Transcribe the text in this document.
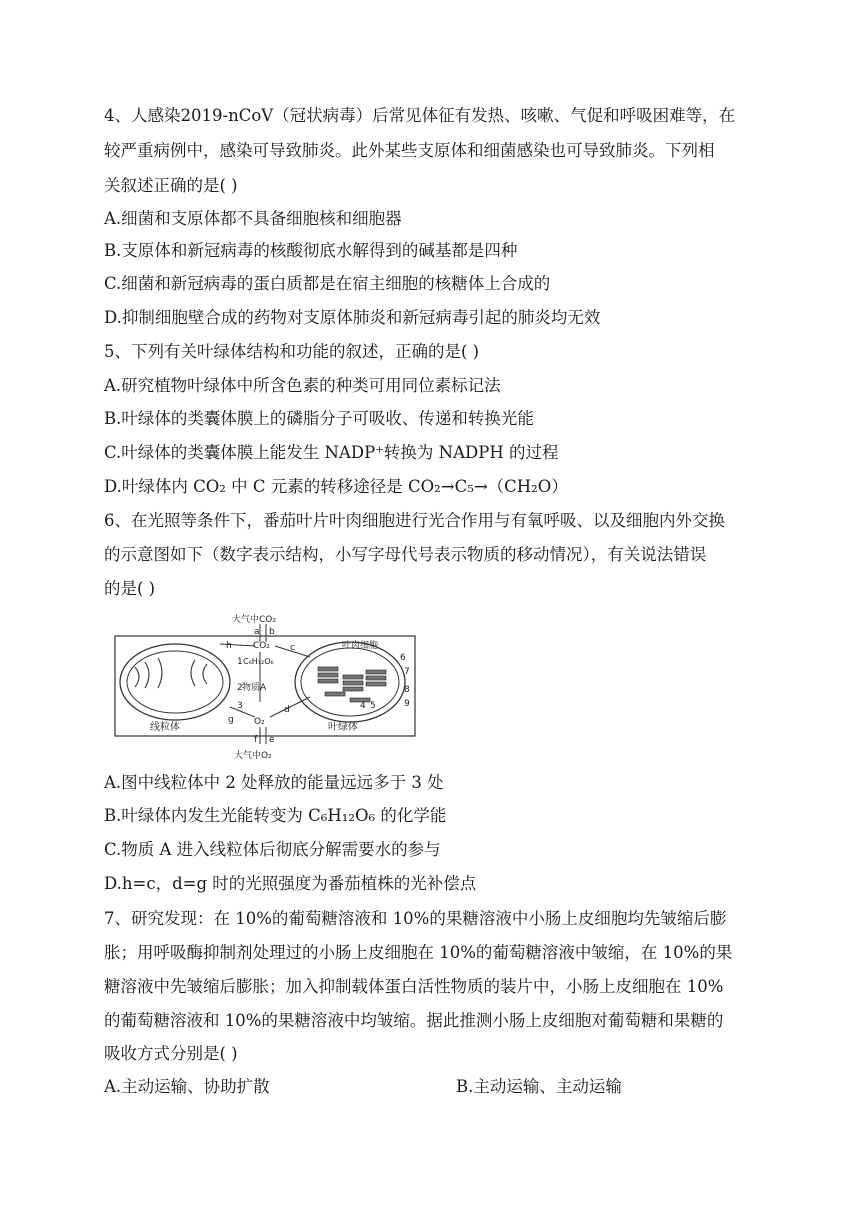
4、人感染2019-nCoV（冠状病毒）后常见体征有发热、咳嗽、气促和呼吸困难等，在
较严重病例中，感染可导致肺炎。此外某些支原体和细菌感染也可导致肺炎。下列相
关叙述正确的是( )
A.细菌和支原体都不具备细胞核和细胞器
B.支原体和新冠病毒的核酸彻底水解得到的碱基都是四种
C.细菌和新冠病毒的蛋白质都是在宿主细胞的核糖体上合成的
D.抑制细胞壁合成的药物对支原体肺炎和新冠病毒引起的肺炎均无效
5、下列有关叶绿体结构和功能的叙述，正确的是( )
A.研究植物叶绿体中所含色素的种类可用同位素标记法
B.叶绿体的类囊体膜上的磷脂分子可吸收、传递和转换光能
C.叶绿体的类囊体膜上能发生 NADP⁺转换为 NADPH 的过程
D.叶绿体内 CO₂ 中 C 元素的转移途径是 CO₂→C₅→（CH₂O）
6、在光照等条件下，番茄叶片叶肉细胞进行光合作用与有氧呼吸、以及细胞内外交换
的示意图如下（数字表示结构，小写字母代号表示物质的移动情况），有关说法错误
的是( )
大气中CO₂
CO₂
C₆H₁₂O₆
物质A
O₂
大气中O₂
叶肉细胞
线粒体	叶绿体
a b
c
d
e
f
g
h
1
2
3	4 5
6
7
8
9
A.图中线粒体中 2 处释放的能量远远多于 3 处
B.叶绿体内发生光能转变为 C₆H₁₂O₆ 的化学能
C.物质 A 进入线粒体后彻底分解需要水的参与
D.h=c，d=g 时的光照强度为番茄植株的光补偿点
7、研究发现：在 10%的葡萄糖溶液和 10%的果糖溶液中小肠上皮细胞均先皱缩后膨
胀；用呼吸酶抑制剂处理过的小肠上皮细胞在 10%的葡萄糖溶液中皱缩，在 10%的果
糖溶液中先皱缩后膨胀；加入抑制载体蛋白活性物质的装片中，小肠上皮细胞在 10%
的葡萄糖溶液和 10%的果糖溶液中均皱缩。据此推测小肠上皮细胞对葡萄糖和果糖的
吸收方式分别是( )
A.主动运输、协助扩散	B.主动运输、主动运输
